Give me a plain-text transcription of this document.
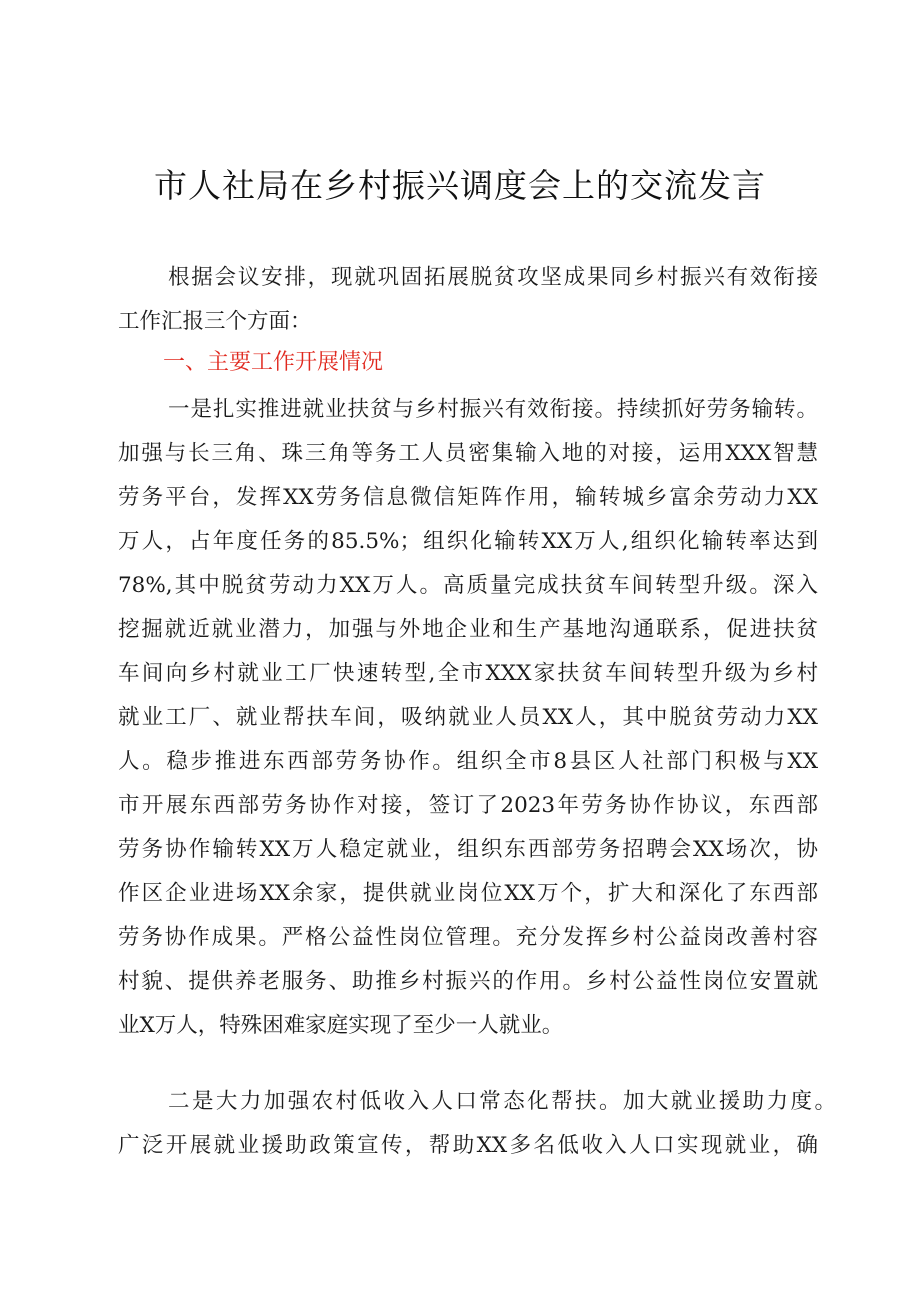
市人社局在乡村振兴调度会上的交流发言
根据会议安排，现就巩固拓展脱贫攻坚成果同乡村振兴有效衔接
工作汇报三个方面：
一、主要工作开展情况
一是扎实推进就业扶贫与乡村振兴有效衔接。持续抓好劳务输转。
加强与长三角、珠三角等务工人员密集输入地的对接，运用XXX智慧
劳务平台，发挥XX劳务信息微信矩阵作用，输转城乡富余劳动力XX
万人，占年度任务的85.5%；组织化输转XX万人,组织化输转率达到
78%,其中脱贫劳动力XX万人。高质量完成扶贫车间转型升级。深入
挖掘就近就业潜力，加强与外地企业和生产基地沟通联系，促进扶贫
车间向乡村就业工厂快速转型,全市XXX家扶贫车间转型升级为乡村
就业工厂、就业帮扶车间，吸纳就业人员XX人，其中脱贫劳动力XX
人。稳步推进东西部劳务协作。组织全市8县区人社部门积极与XX
市开展东西部劳务协作对接，签订了2023年劳务协作协议，东西部
劳务协作输转XX万人稳定就业，组织东西部劳务招聘会XX场次，协
作区企业进场XX余家，提供就业岗位XX万个，扩大和深化了东西部
劳务协作成果。严格公益性岗位管理。充分发挥乡村公益岗改善村容
村貌、提供养老服务、助推乡村振兴的作用。乡村公益性岗位安置就
业X万人，特殊困难家庭实现了至少一人就业。
二是大力加强农村低收入人口常态化帮扶。加大就业援助力度。
广泛开展就业援助政策宣传，帮助XX多名低收入人口实现就业，确
